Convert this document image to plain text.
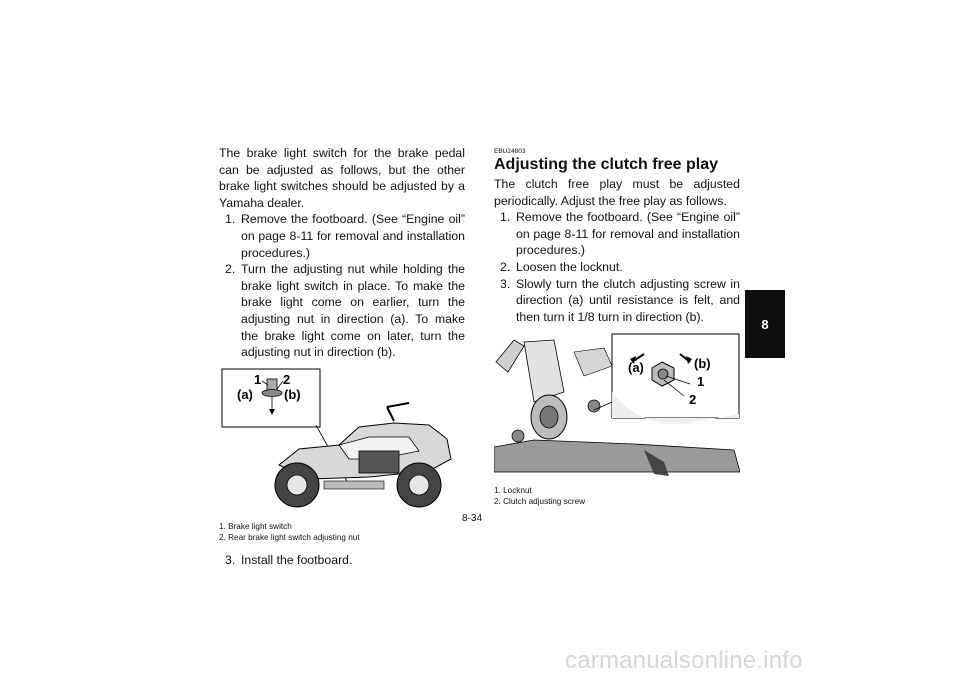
The brake light switch for the brake pedal can be adjusted as follows, but the other brake light switches should be adjusted by a Yamaha dealer.

1. Remove the footboard. (See “Engine oil” on page 8-11 for removal and installation procedures.)
2. Turn the adjusting nut while holding the brake light switch in place. To make the brake light come on earlier, turn the adjusting nut in direction (a). To make the brake light come on later, turn the adjusting nut in direction (b).
1 2
(a) (b)
1. Brake light switch
2. Rear brake light switch adjusting nut
3. Install the footboard.
EBU24803
Adjusting the clutch free play

The clutch free play must be adjusted periodically. Adjust the free play as follows.

1. Remove the footboard. (See “Engine oil” on page 8-11 for removal and installation procedures.)
2. Loosen the locknut.
3. Slowly turn the clutch adjusting screw in direction (a) until resistance is felt, and then turn it 1/8 turn in direction (b).
(a)	(b)
1
2
1. Locknut
2. Clutch adjusting screw
8
8-34
carmanualsonline.info
